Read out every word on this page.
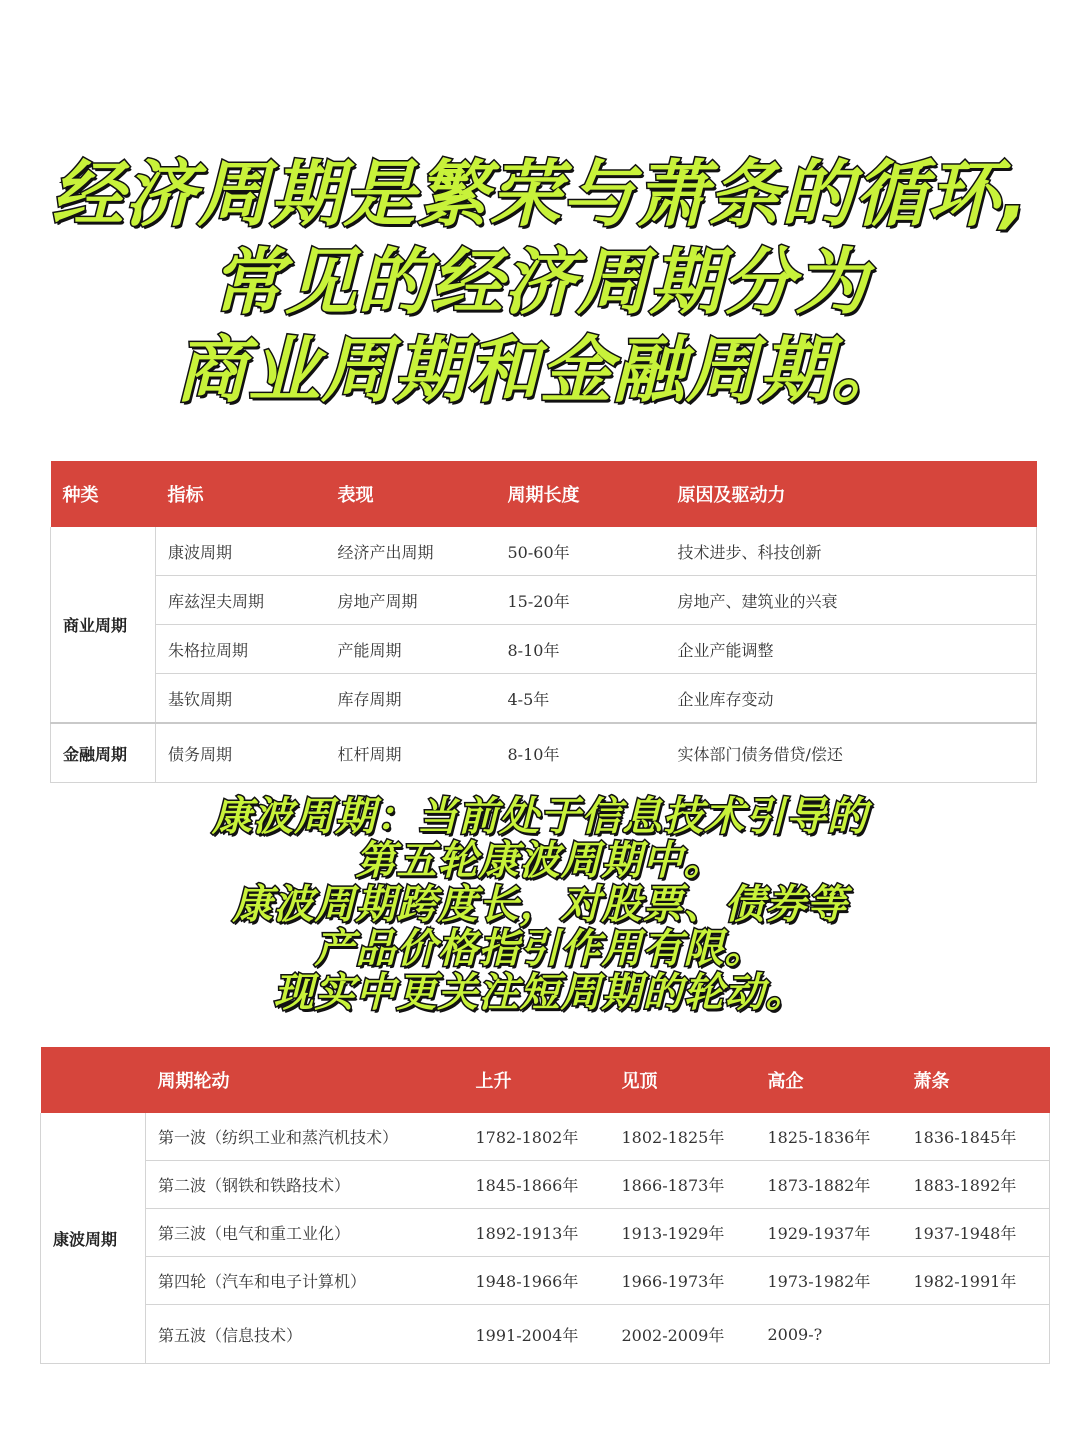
经济周期是繁荣与萧条的循环,
常见的经济周期分为
商业周期和金融周期。
种类	指标	表现	周期长度	原因及驱动力
商业周期	康波周期	经济产出周期	50-60年	技术进步、科技创新
	库兹涅夫周期	房地产周期	15-20年	房地产、建筑业的兴衰
	朱格拉周期	产能周期	8-10年	企业产能调整
	基钦周期	库存周期	4-5年	企业库存变动
金融周期	债务周期	杠杆周期	8-10年	实体部门债务借贷/偿还
康波周期：当前处于信息技术引导的
第五轮康波周期中。
康波周期跨度长，对股票、债券等
产品价格指引作用有限。
现实中更关注短周期的轮动。
	周期轮动	上升	见顶	高企	萧条
康波周期	第一波（纺织工业和蒸汽机技术）	1782-1802年	1802-1825年	1825-1836年	1836-1845年
	第二波（钢铁和铁路技术）	1845-1866年	1866-1873年	1873-1882年	1883-1892年
	第三波（电气和重工业化）	1892-1913年	1913-1929年	1929-1937年	1937-1948年
	第四轮（汽车和电子计算机）	1948-1966年	1966-1973年	1973-1982年	1982-1991年
	第五波（信息技术）	1991-2004年	2002-2009年	2009-?	
